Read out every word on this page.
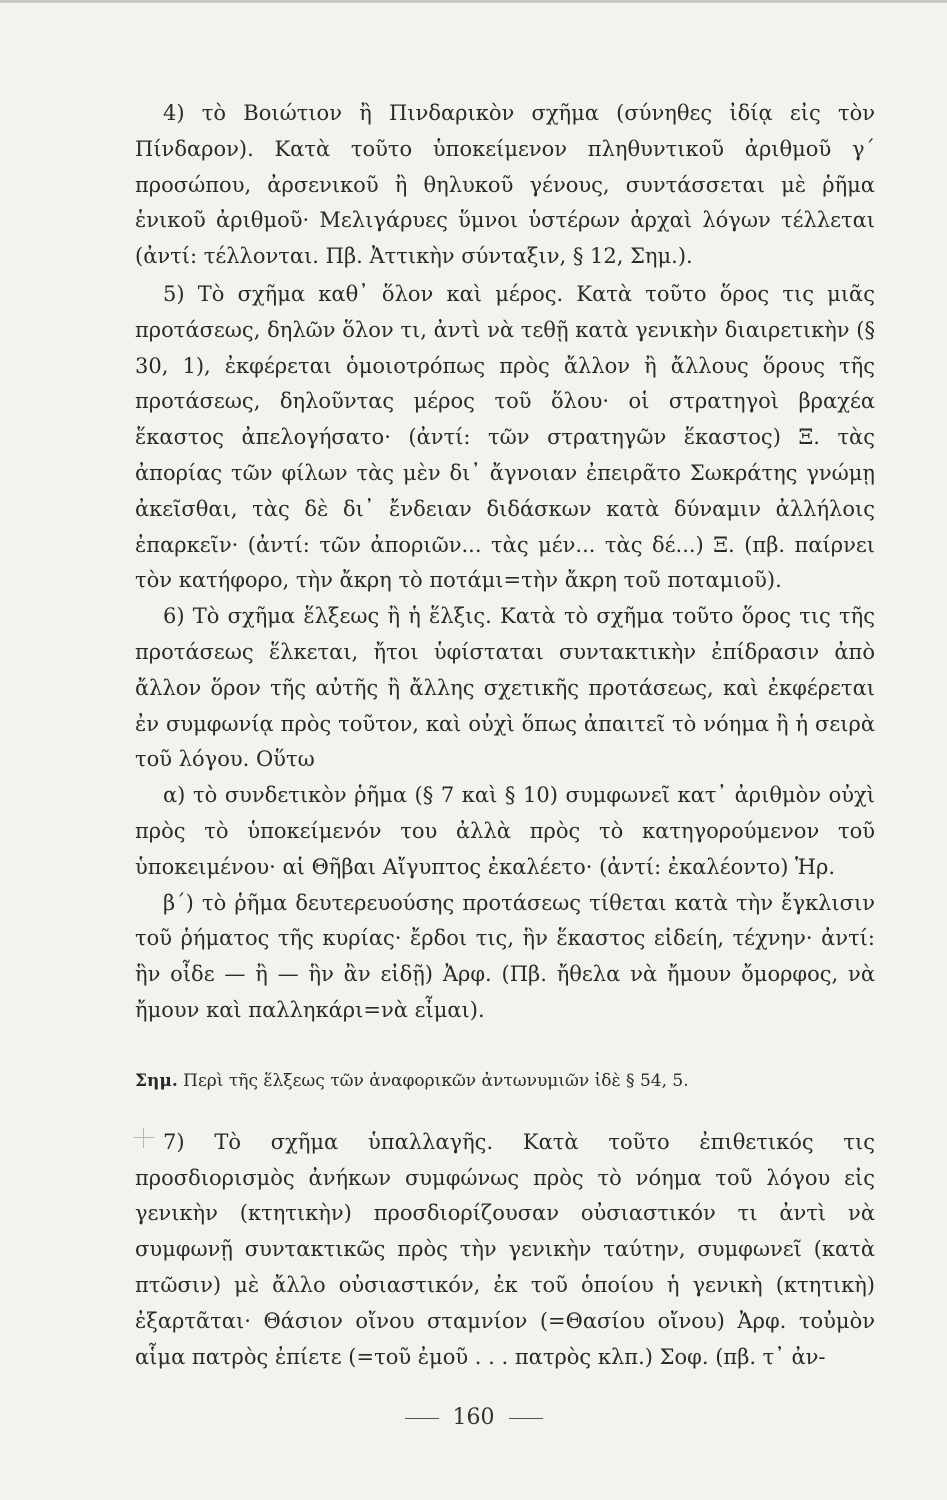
4) τὸ Βοιώτιον ἢ Πινδαρικὸν σχῆμα (σύνηθες ἰδίᾳ εἰς τὸν Πίνδαρον). Κατὰ τοῦτο ὑποκείμενον πληθυντικοῦ ἀριθμοῦ γ΄ προσώπου, ἀρσενικοῦ ἢ θηλυκοῦ γένους, συντάσσεται μὲ ῥῆμα ἑνικοῦ ἀριθμοῦ· Μελιγάρυες ὕμνοι ὑστέρων ἀρχαὶ λόγων τέλλεται (ἀντί: τέλλονται. Πβ. Ἀττικὴν σύνταξιν, § 12, Σημ.).

5) Τὸ σχῆμα καθ᾿ ὅλον καὶ μέρος. Κατὰ τοῦτο ὅρος τις μιᾶς προτάσεως, δηλῶν ὅλον τι, ἀντὶ νὰ τεθῇ κατὰ γενικὴν διαιρετικὴν (§ 30, 1), ἐκφέρεται ὁμοιοτρόπως πρὸς ἄλλον ἢ ἄλλους ὅρους τῆς προτάσεως, δηλοῦντας μέρος τοῦ ὅλου· οἱ στρατηγοὶ βραχέα ἕκαστος ἀπελογήσατο· (ἀντί: τῶν στρατηγῶν ἕκαστος) Ξ. τὰς ἀπορίας τῶν φίλων τὰς μὲν δι᾿ ἄγνοιαν ἐπειρᾶτο Σωκράτης γνώμῃ ἀκεῖσθαι, τὰς δὲ δι᾿ ἔνδειαν διδάσκων κατὰ δύναμιν ἀλλήλοις ἐπαρκεῖν· (ἀντί: τῶν ἀποριῶν... τὰς μέν... τὰς δέ...) Ξ. (πβ. παίρνει τὸν κατήφορο, τὴν ἄκρη τὸ ποτάμι=τὴν ἄκρη τοῦ ποταμιοῦ).

6) Τὸ σχῆμα ἕλξεως ἢ ἡ ἕλξις. Κατὰ τὸ σχῆμα τοῦτο ὅρος τις τῆς προτάσεως ἕλκεται, ἤτοι ὑφίσταται συντακτικὴν ἐπίδρασιν ἀπὸ ἄλλον ὅρον τῆς αὐτῆς ἢ ἄλλης σχετικῆς προτάσεως, καὶ ἐκφέρεται ἐν συμφωνίᾳ πρὸς τοῦτον, καὶ οὐχὶ ὅπως ἀπαιτεῖ τὸ νόημα ἢ ἡ σειρὰ τοῦ λόγου. Οὕτω

α) τὸ συνδετικὸν ῥῆμα (§ 7 καὶ § 10) συμφωνεῖ κατ᾿ ἀριθμὸν οὐχὶ πρὸς τὸ ὑποκείμενόν του ἀλλὰ πρὸς τὸ κατηγορούμενον τοῦ ὑποκειμένου· αἱ Θῆβαι Αἴγυπτος ἐκαλέετο· (ἀντί: ἐκαλέοντο) Ἡρ.

β΄) τὸ ῥῆμα δευτερευούσης προτάσεως τίθεται κατὰ τὴν ἔγκλισιν τοῦ ῥήματος τῆς κυρίας· ἔρδοι τις, ἣν ἕκαστος εἰδείη, τέχνην· ἀντί: ἣν οἶδε — ἢ — ἣν ἂν εἰδῇ) Ἀρφ. (Πβ. ἤθελα νὰ ἤμουν ὄμορφος, νὰ ἤμουν καὶ παλληκάρι=νὰ εἶμαι).

Σημ. Περὶ τῆς ἕλξεως τῶν ἀναφορικῶν ἀντωνυμιῶν ἰδὲ § 54, 5.

7) Τὸ σχῆμα ὑπαλλαγῆς. Κατὰ τοῦτο ἐπιθετικός τις προσδιορισμὸς ἀνήκων συμφώνως πρὸς τὸ νόημα τοῦ λόγου εἰς γενικὴν (κτητικὴν) προσδιορίζουσαν οὐσιαστικόν τι ἀντὶ νὰ συμφωνῇ συντακτικῶς πρὸς τὴν γενικὴν ταύτην, συμφωνεῖ (κατὰ πτῶσιν) μὲ ἄλλο οὐσιαστικόν, ἐκ τοῦ ὁποίου ἡ γενικὴ (κτητικὴ) ἐξαρτᾶται· Θάσιον οἴνου σταμνίον (=Θασίου οἴνου) Ἀρφ. τοὐμὸν αἷμα πατρὸς ἐπίετε (=τοῦ ἐμοῦ . . . πατρὸς κλπ.) Σοφ. (πβ. τ᾿ ἀν-

160
